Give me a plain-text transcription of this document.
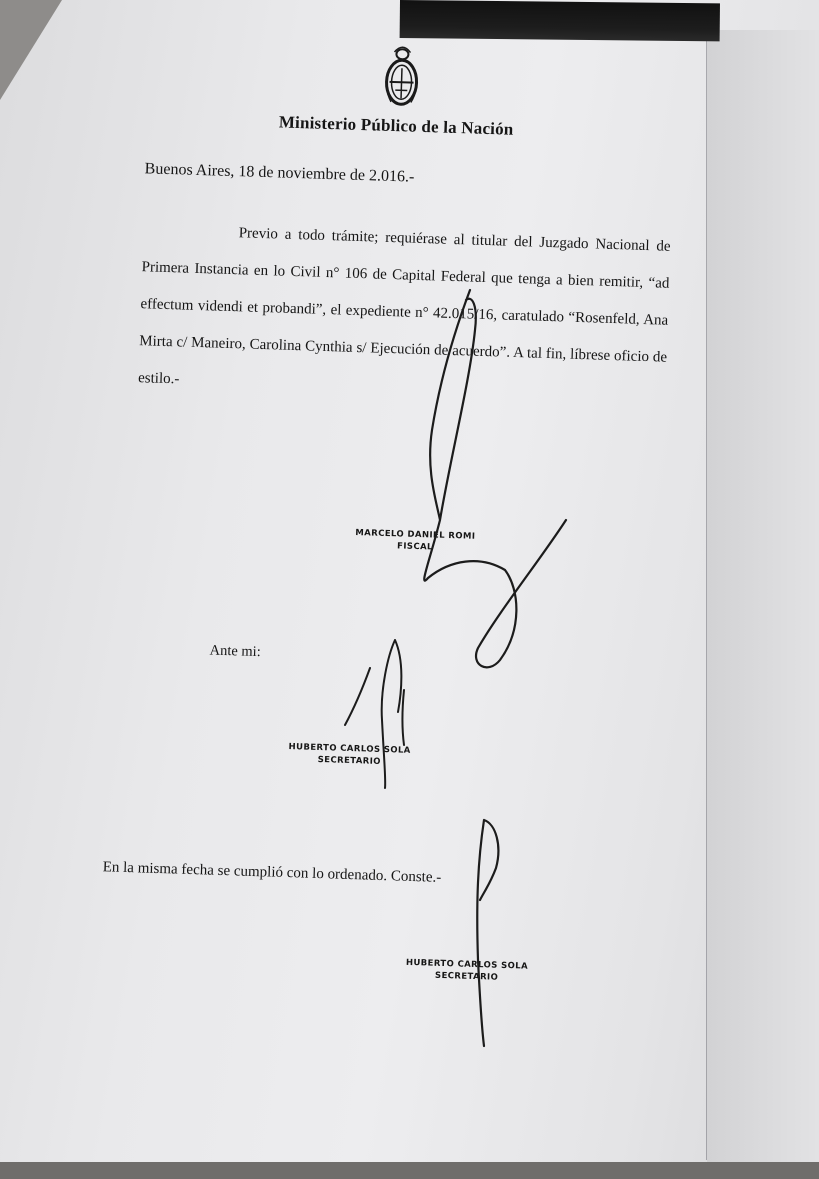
Ministerio Público de la Nación
Buenos Aires, 18 de noviembre de 2.016.-
Previo a todo trámite; requiérase al titular del Juzgado Nacional de Primera Instancia en lo Civil n° 106 de Capital Federal que tenga a bien remitir, “ad effectum videndi et probandi”, el expediente n° 42.015/16, caratulado “Rosenfeld, Ana Mirta c/ Maneiro, Carolina Cynthia s/ Ejecución de acuerdo”. A tal fin, líbrese oficio de estilo.-
MARCELO DANIEL ROMI
FISCAL
Ante mi:
HUBERTO CARLOS SOLA
SECRETARIO
En la misma fecha se cumplió con lo ordenado. Conste.-
HUBERTO CARLOS SOLA
SECRETARIO
